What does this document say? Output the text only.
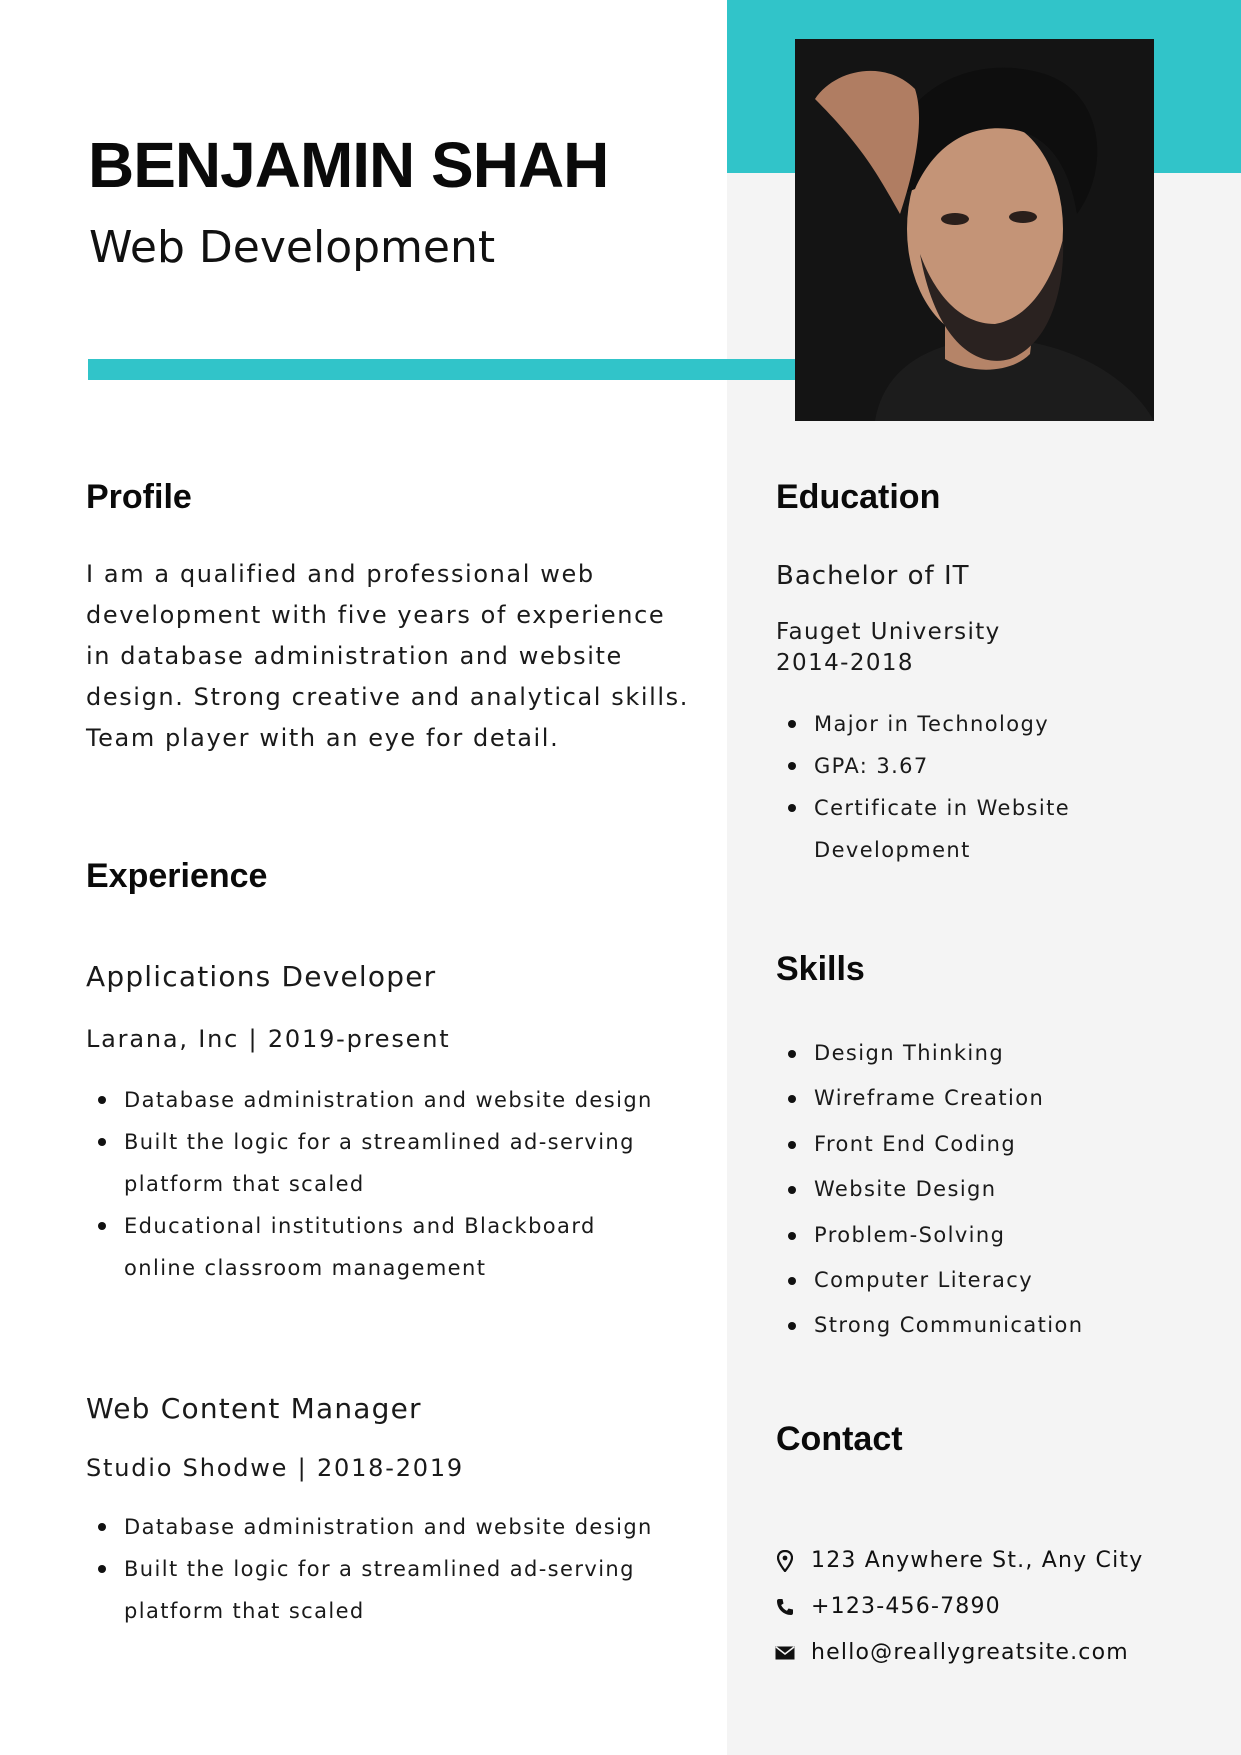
BENJAMIN SHAH
Web Development
Profile

I am a qualified and professional web development with five years of experience in database administration and website design. Strong creative and analytical skills. Team player with an eye for detail.

Experience
Applications Developer

Larana, Inc | 2019-present

Database administration and website design
Built the logic for a streamlined ad-serving platform that scaled
Educational institutions and Blackboard online classroom management
Web Content Manager

Studio Shodwe | 2018-2019

Database administration and website design
Built the logic for a streamlined ad-serving platform that scaled
Education
Bachelor of IT

Fauget University

2014-2018

Major in Technology
GPA: 3.67
Certificate in Website Development
Skills
Design Thinking
Wireframe Creation
Front End Coding
Website Design
Problem-Solving
Computer Literacy
Strong Communication
Contact
123 Anywhere St., Any City
+123-456-7890
hello@reallygreatsite.com
